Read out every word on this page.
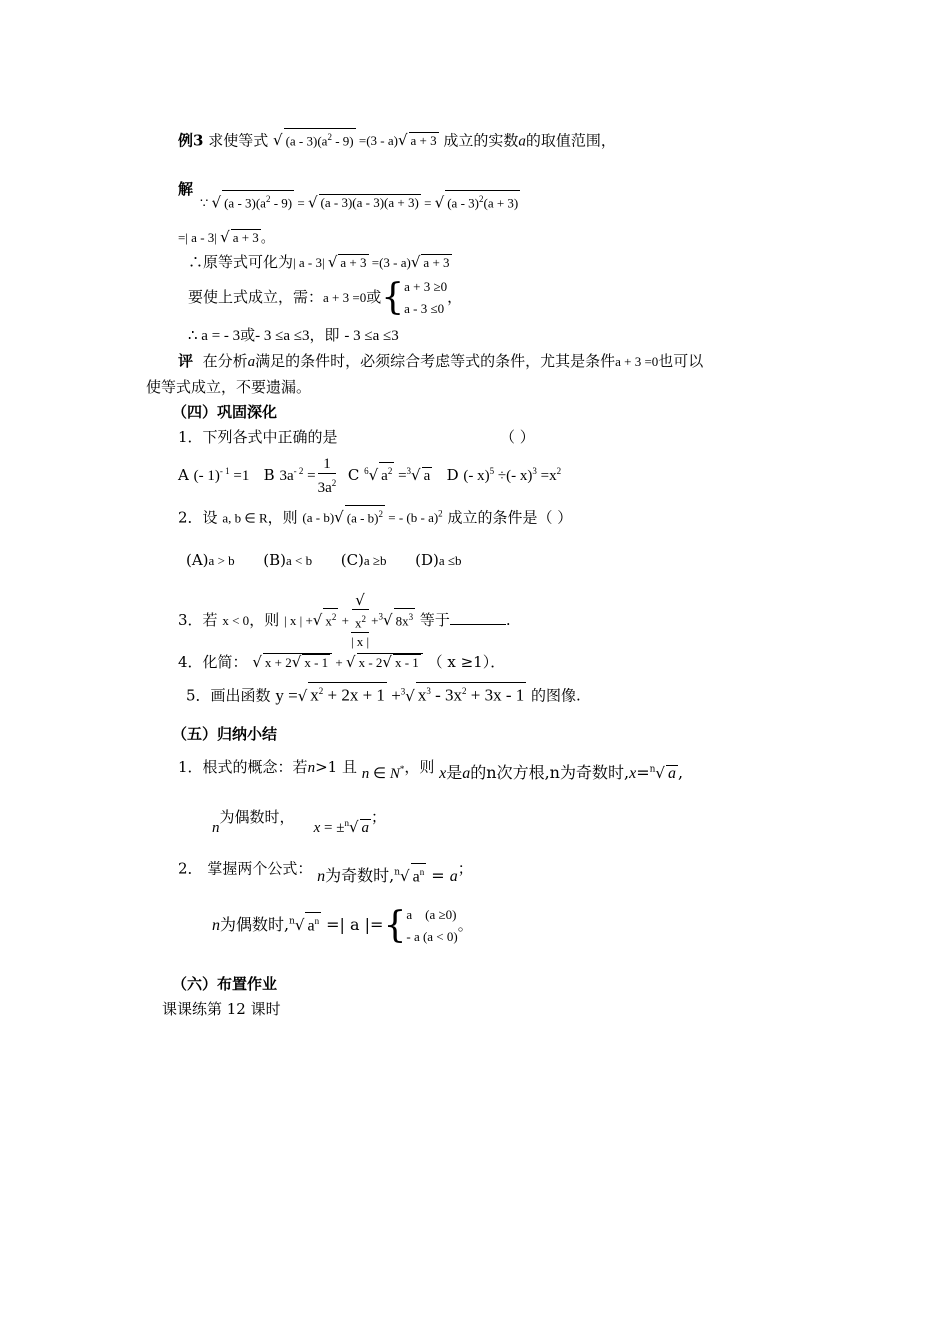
例3 求使等式 √ $(a - 3)(a^2 - 9) =(3 - a)√$ a + 3 成立的实数a的取值范围，
解
∵ √ $(a - 3)(a^2 - 9)$ = √ (a - 3)(a - 3)(a + 3) = √ (a - 3)$^2$(a + 3)
=| a - 3| √ a + 3 。
∴原等式可化为| a - 3| √ a + 3 =(3 - a)√ a + 3
要使上式成立，需：a + 3 =0或{ a + 3 ≥0
a - 3 ≤0
，
∴ a = - 3或- 3 ≤a ≤3，即 - 3 ≤a ≤3
评 在分析a满足的条件时，必须综合考虑等式的条件，尤其是条件a + 3 =0也可以
使等式成立，不要遗漏。
（四）巩固深化
1．下列各式中正确的是	（ ）
A (- 1)$^{- 1}$ =1 B $3a^{- 2} = \frac{1}{3a^2}$ C $^6$√ $a^2 =^3√$ a D (- x)$^5$ ÷(- $x)^3 =x^2$
2．设 a, b ∈ R，则 (a - b)√ (a - b)$^2$ = - (b - a)$^2$ 成立的条件是（ ）
(A)a > b (B)a < b (C)a ≥b (D)a ≤b
3．若 x < 0，则 | x | +√ $x^2$ + √
$x^2$
| x | +$^3$√ $8x^3$ 等于	.
4．化简： √ x + 2√ x - 1 + √ x - 2√ x - 1 （ x ≥1）．
5．画出函数 y =√ $x^2 + 2x + 1 +^3√$ $x^3 - 3x^2 + 3x - 1$ 的图像.
（五）归纳小结
1．根式的概念：若n>1 且 n ∈ N*，则 x是a的n次方根,n为奇数时,x=$^n$√ a ,
n为偶数时，    x = ±$^n$√ a；
2． 掌握两个公式： n为奇数时,$^n$√ $a^n = a$；
n为偶数时,$^n$√ $a^n$ =| a |={ a    (a ≥0)
- a (a < 0)
。
（六）布置作业
课课练第 12 课时
